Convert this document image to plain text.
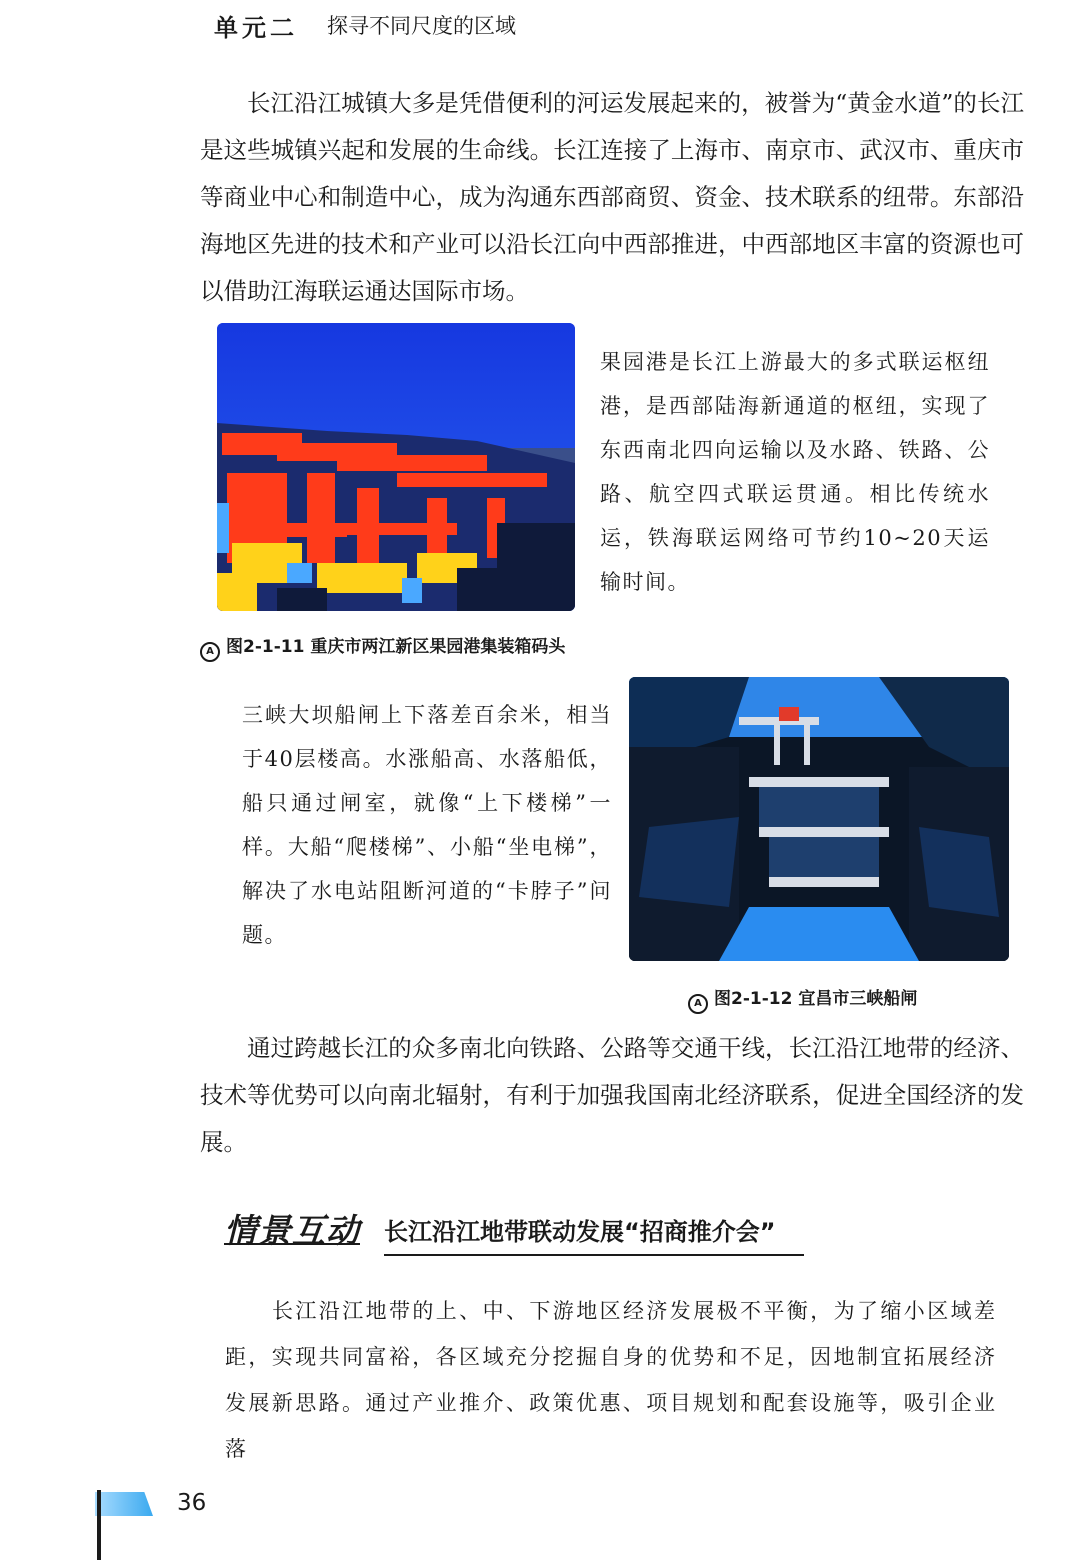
单元二 探寻不同尺度的区域

长江沿江城镇大多是凭借便利的河运发展起来的，被誉为“黄金水道”的长江是这些城镇兴起和发展的生命线。长江连接了上海市、南京市、武汉市、重庆市等商业中心和制造中心，成为沟通东西部商贸、资金、技术联系的纽带。东部沿海地区先进的技术和产业可以沿长江向中西部推进，中西部地区丰富的资源也可以借助江海联运通达国际市场。

果园港是长江上游最大的多式联运枢纽港，是西部陆海新通道的枢纽，实现了东西南北四向运输以及水路、铁路、公路、航空四式联运贯通。相比传统水运，铁海联运网络可节约10~20天运输时间。
A 图2-1-11 重庆市两江新区果园港集装箱码头
三峡大坝船闸上下落差百余米，相当于40层楼高。水涨船高、水落船低，船只通过闸室，就像“上下楼梯”一样。大船“爬楼梯”、小船“坐电梯”，解决了水电站阻断河道的“卡脖子”问题。
A 图2-1-12 宜昌市三峡船闸

通过跨越长江的众多南北向铁路、公路等交通干线，长江沿江地带的经济、技术等优势可以向南北辐射，有利于加强我国南北经济联系，促进全国经济的发展。

情景互动 长江沿江地带联动发展“招商推介会”

长江沿江地带的上、中、下游地区经济发展极不平衡，为了缩小区域差距，实现共同富裕，各区域充分挖掘自身的优势和不足，因地制宜拓展经济发展新思路。通过产业推介、政策优惠、项目规划和配套设施等，吸引企业落

36
